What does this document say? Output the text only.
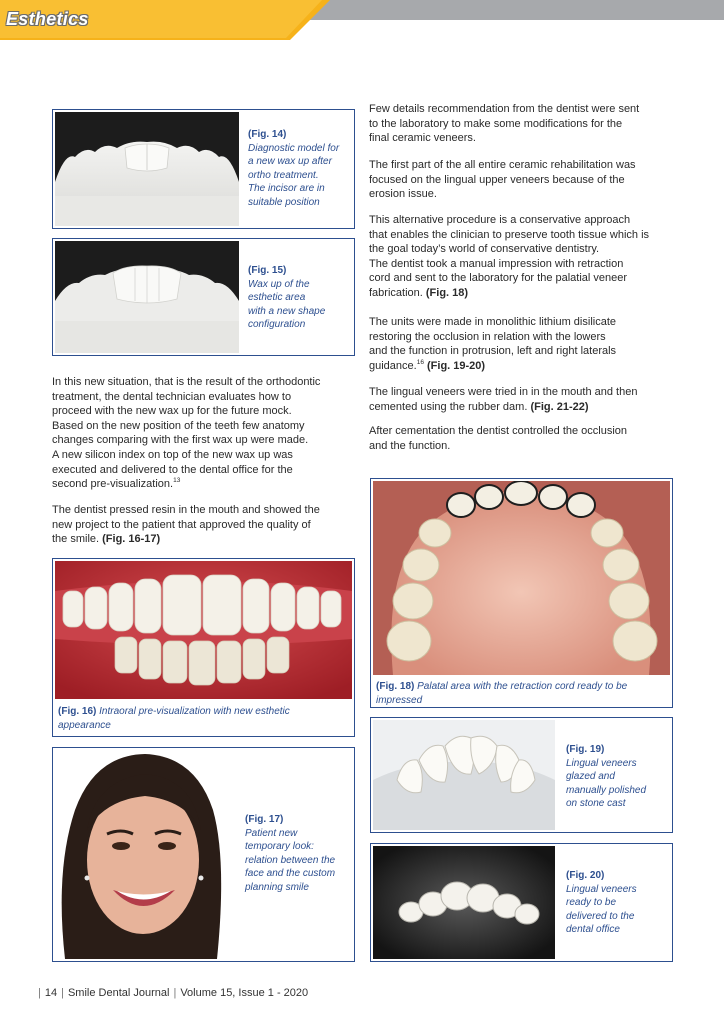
Esthetics
(Fig. 14)
Diagnostic model for
a new wax up after
ortho treatment.
The incisor are in
suitable position
(Fig. 15)
Wax up of the
esthetic area
with a new shape
configuration
In this new situation, that is the result of the orthodontic
treatment, the dental technician evaluates how to
proceed with the new wax up for the future mock.
Based on the new position of the teeth few anatomy
changes comparing with the first wax up were made.
A new silicon index on top of the new wax up was
executed and delivered to the dental office for the
second pre-visualization.$^{13}$
The dentist pressed resin in the mouth and showed the
new project to the patient that approved the quality of
the smile. (Fig. 16-17)
(Fig. 16) Intraoral pre-visualization with new esthetic
appearance
(Fig. 17)
Patient new
temporary look:
relation between the
face and the custom
planning smile
Few details recommendation from the dentist were sent
to the laboratory to make some modifications for the
final ceramic veneers.
The first part of the all entire ceramic rehabilitation was
focused on the lingual upper veneers because of the
erosion issue.
This alternative procedure is a conservative approach
that enables the clinician to preserve tooth tissue which is
the goal today’s world of conservative dentistry.
The dentist took a manual impression with retraction
cord and sent to the laboratory for the palatial veneer
fabrication. (Fig. 18)
The units were made in monolithic lithium disilicate
restoring the occlusion in relation with the lowers
and the function in protrusion, left and right laterals
guidance.$^{16}$ (Fig. 19-20)
The lingual veneers were tried in in the mouth and then
cemented using the rubber dam. (Fig. 21-22)
After cementation the dentist controlled the occlusion
and the function.
(Fig. 18) Palatal area with the retraction cord ready to be
impressed
(Fig. 19)
Lingual veneers
glazed and
manually polished
on stone cast
(Fig. 20)
Lingual veneers
ready to be
delivered to the
dental office
| 14 | Smile Dental Journal | Volume 15, Issue 1 - 2020
